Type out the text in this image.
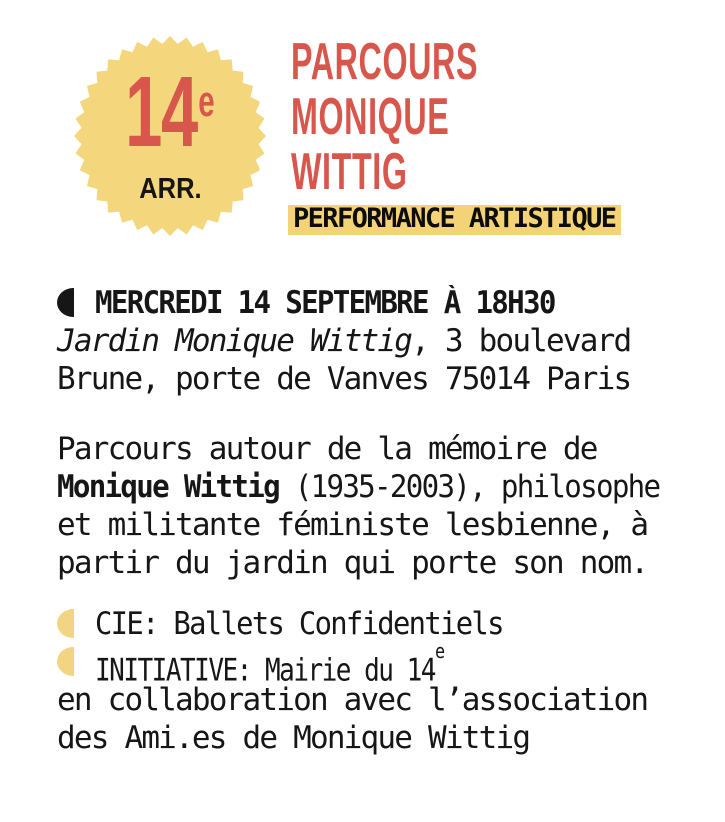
14 e
ARR.
PARCOURS
MONIQUE
WITTIG
PERFORMANCE ARTISTIQUE
MERCREDI 14 SEPTEMBRE À 18H30
Jardin Monique Wittig, 3 boulevard
Brune, porte de Vanves 75014 Paris
Parcours autour de la mémoire de
Monique Wittig (1935-2003), philosophe
et militante féministe lesbienne, à
partir du jardin qui porte son nom.
CIE: Ballets Confidentiels
INITIATIVE: Mairie du 14e
en collaboration avec l’association
des Ami.es de Monique Wittig
